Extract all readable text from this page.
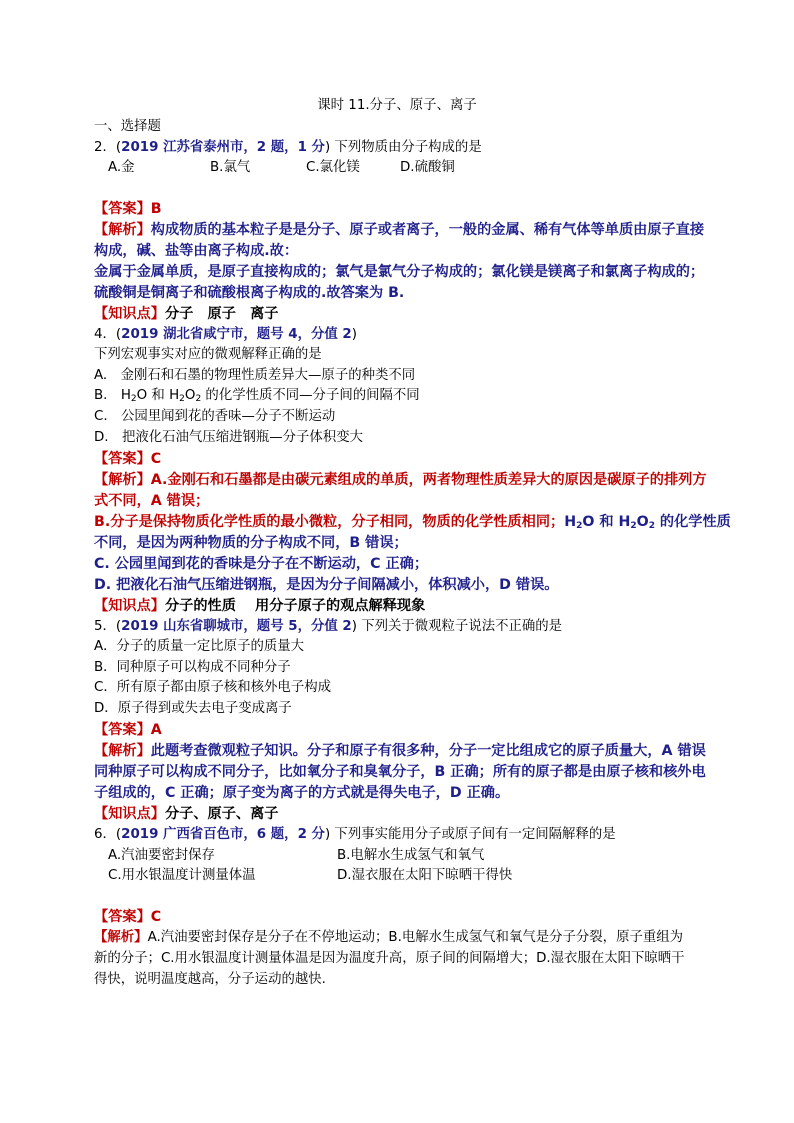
课时 11.分子、原子、离子
一、选择题
2．(2019 江苏省泰州市，2 题，1 分) 下列物质由分子构成的是
A.金	B.氯气	C.氯化镁	D.硫酸铜
【答案】B
【解析】构成物质的基本粒子是是分子、原子或者离子，一般的金属、稀有气体等单质由原子直接
构成，碱、盐等由离子构成.故：
金属于金属单质，是原子直接构成的；氯气是氯气分子构成的；氯化镁是镁离子和氯离子构成的；
硫酸铜是铜离子和硫酸根离子构成的.故答案为 B.
【知识点】分子　原子　离子
4．(2019 湖北省咸宁市，题号 4，分值 2)
下列宏观事实对应的微观解释正确的是
A.　金刚石和石墨的物理性质差异大—原子的种类不同
B.　$H_2O$ 和 $H_2O_2$ 的化学性质不同—分子间的间隔不同
C.　公园里闻到花的香味—分子不断运动
D.　把液化石油气压缩进钢瓶—分子体积变大
【答案】C
【解析】A.金刚石和石墨都是由碳元素组成的单质，两者物理性质差异大的原因是碳原子的排列方
式不同，A 错误；
B.分子是保持物质化学性质的最小微粒，分子相同，物质的化学性质相同；$H_2O$ 和 $H_2O_2$ 的化学性质
不同，是因为两种物质的分子构成不同，B 错误；
C. 公园里闻到花的香味是分子在不断运动，C 正确；
D. 把液化石油气压缩进钢瓶，是因为分子间隔减小，体积减小，D 错误。
【知识点】分子的性质　 用分子原子的观点解释现象
5．(2019 山东省聊城市，题号 5，分值 2) 下列关于微观粒子说法不正确的是
A．分子的质量一定比原子的质量大
B．同种原子可以构成不同种分子
C．所有原子都由原子核和核外电子构成
D．原子得到或失去电子变成离子
【答案】A
【解析】此题考查微观粒子知识。分子和原子有很多种，分子一定比组成它的原子质量大，A 错误
同种原子可以构成不同分子，比如氧分子和臭氧分子，B 正确；所有的原子都是由原子核和核外电
子组成的，C 正确；原子变为离子的方式就是得失电子，D 正确。
【知识点】分子、原子、离子
6．(2019 广西省百色市，6 题，2 分) 下列事实能用分子或原子间有一定间隔解释的是
A.汽油要密封保存	B.电解水生成氢气和氧气
C.用水银温度计测量体温	D.湿衣服在太阳下晾晒干得快
【答案】C
【解析】A.汽油要密封保存是分子在不停地运动；B.电解水生成氢气和氧气是分子分裂，原子重组为
新的分子；C.用水银温度计测量体温是因为温度升高，原子间的间隔增大；D.湿衣服在太阳下晾晒干
得快，说明温度越高，分子运动的越快.
